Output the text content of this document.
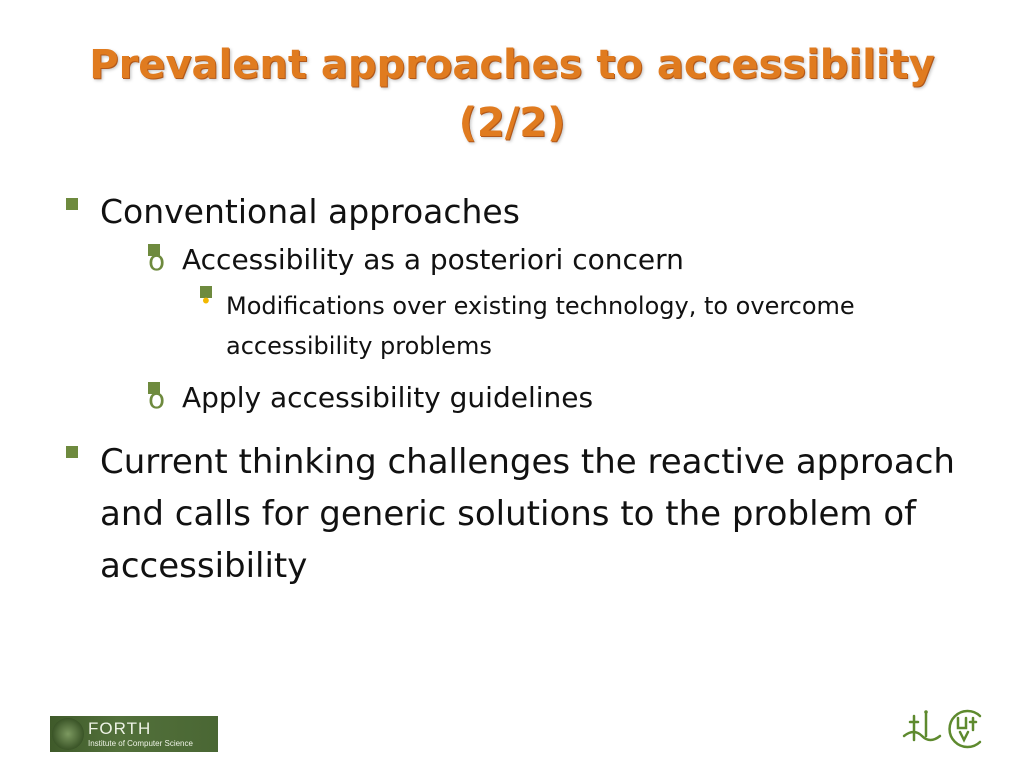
Prevalent approaches to accessibility (2/2)
Conventional approaches
o Accessibility as a posteriori concern
• Modifications over existing technology, to overcome accessibility problems
o Apply accessibility guidelines
Current thinking challenges the reactive approach and calls for generic solutions to the problem of accessibility
FORTH
Institute of Computer Science
